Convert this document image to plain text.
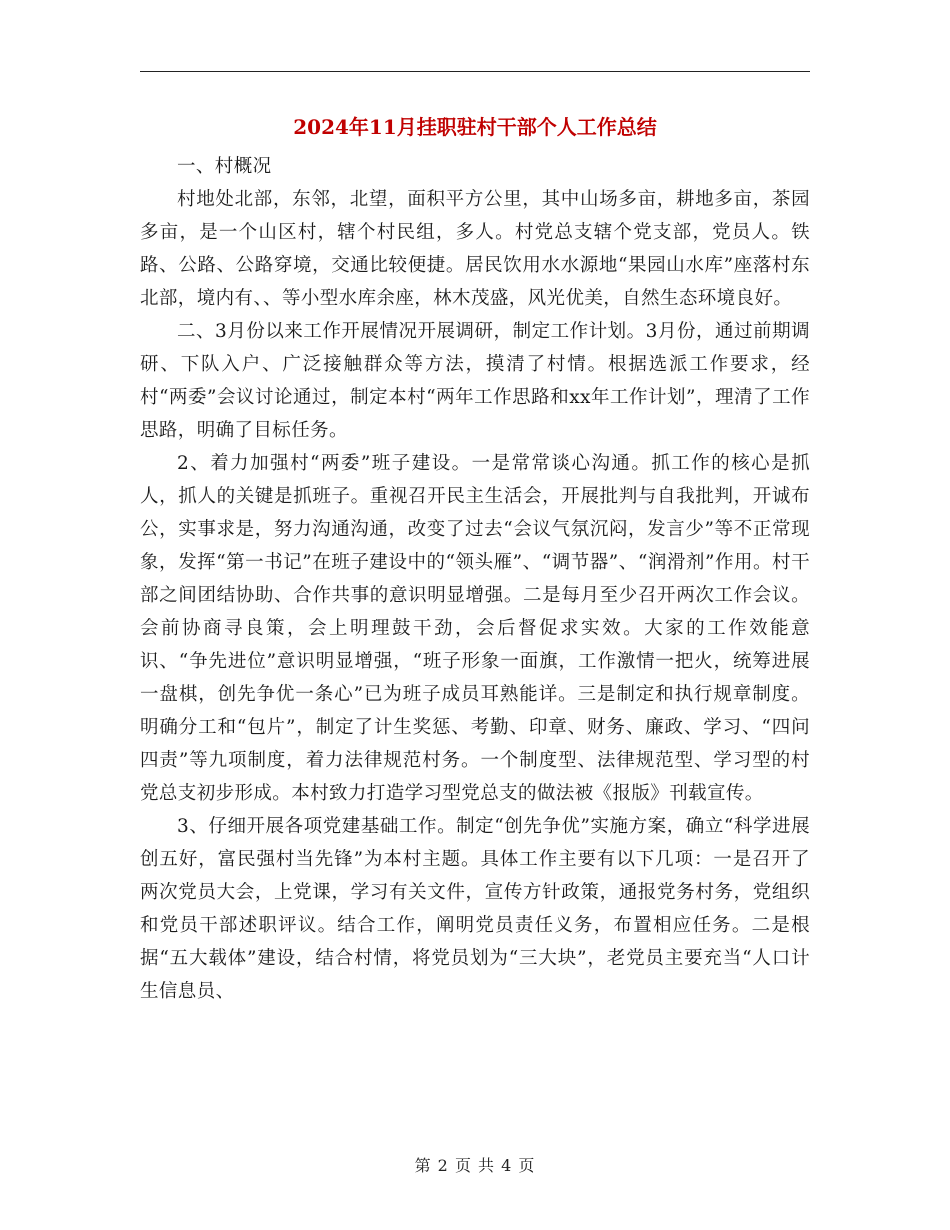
2024年11月挂职驻村干部个人工作总结

一、村概况

村地处北部，东邻，北望，面积平方公里，其中山场多亩，耕地多亩，茶园多亩，是一个山区村，辖个村民组，多人。村党总支辖个党支部，党员人。铁路、公路、公路穿境，交通比较便捷。居民饮用水水源地“果园山水库”座落村东北部，境内有、、等小型水库余座，林木茂盛，风光优美，自然生态环境良好。

二、3月份以来工作开展情况开展调研，制定工作计划。3月份，通过前期调研、下队入户、广泛接触群众等方法，摸清了村情。根据选派工作要求，经村“两委”会议讨论通过，制定本村“两年工作思路和xx年工作计划”，理清了工作思路，明确了目标任务。

2、着力加强村“两委”班子建设。一是常常谈心沟通。抓工作的核心是抓人，抓人的关键是抓班子。重视召开民主生活会，开展批判与自我批判，开诚布公，实事求是，努力沟通沟通，改变了过去“会议气氛沉闷，发言少”等不正常现象，发挥“第一书记”在班子建设中的“领头雁”、“调节器”、“润滑剂”作用。村干部之间团结协助、合作共事的意识明显增强。二是每月至少召开两次工作会议。会前协商寻良策，会上明理鼓干劲，会后督促求实效。大家的工作效能意识、“争先进位”意识明显增强，“班子形象一面旗，工作激情一把火，统筹进展一盘棋，创先争优一条心”已为班子成员耳熟能详。三是制定和执行规章制度。明确分工和“包片”，制定了计生奖惩、考勤、印章、财务、廉政、学习、“四问四责”等九项制度，着力法律规范村务。一个制度型、法律规范型、学习型的村党总支初步形成。本村致力打造学习型党总支的做法被《报版》刊载宣传。

3、仔细开展各项党建基础工作。制定“创先争优”实施方案，确立“科学进展创五好，富民强村当先锋”为本村主题。具体工作主要有以下几项：一是召开了两次党员大会，上党课，学习有关文件，宣传方针政策，通报党务村务，党组织和党员干部述职评议。结合工作，阐明党员责任义务，布置相应任务。二是根据“五大载体”建设，结合村情，将党员划为“三大块”，老党员主要充当“人口计生信息员、

第 2 页 共 4 页
